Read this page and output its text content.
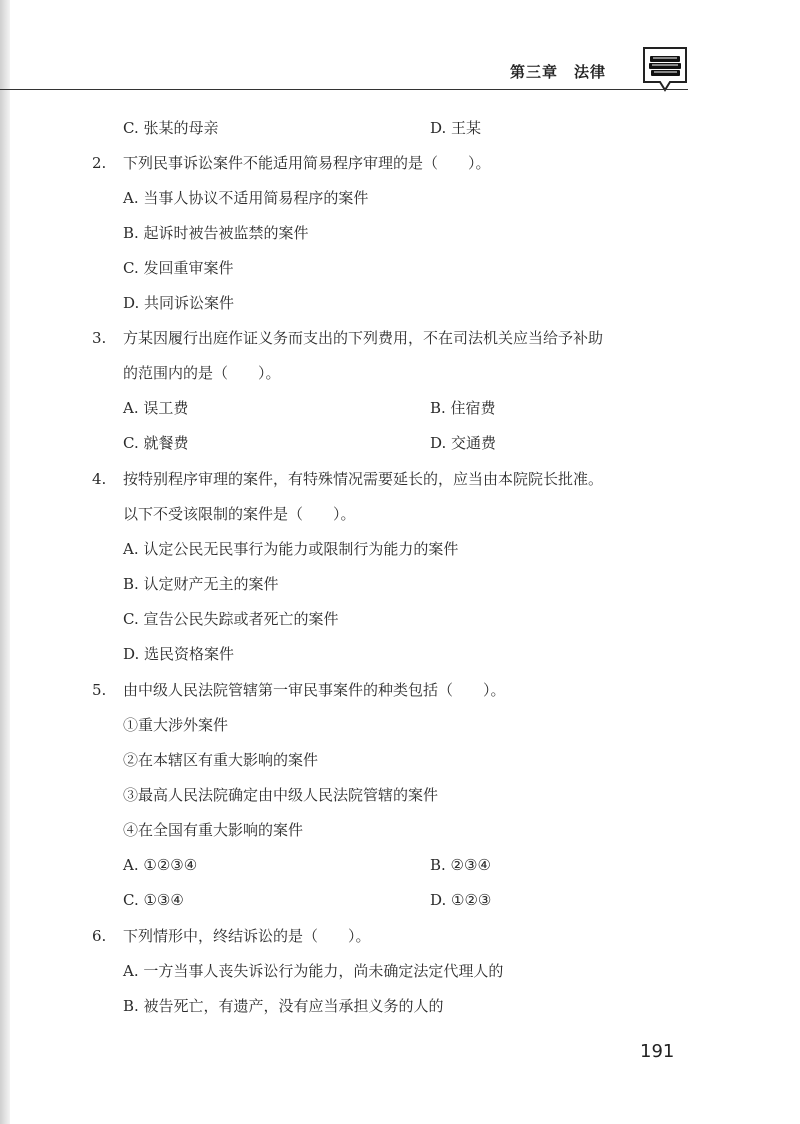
第三章　法律
C. 张某的母亲	D. 王某
2. 下列民事诉讼案件不能适用简易程序审理的是（　　）。
A. 当事人协议不适用简易程序的案件
B. 起诉时被告被监禁的案件
C. 发回重审案件
D. 共同诉讼案件
3. 方某因履行出庭作证义务而支出的下列费用，不在司法机关应当给予补助
的范围内的是（　　）。
A. 误工费	B. 住宿费
C. 就餐费	D. 交通费
4. 按特别程序审理的案件，有特殊情况需要延长的，应当由本院院长批准。
以下不受该限制的案件是（　　）。
A. 认定公民无民事行为能力或限制行为能力的案件
B. 认定财产无主的案件
C. 宣告公民失踪或者死亡的案件
D. 选民资格案件
5. 由中级人民法院管辖第一审民事案件的种类包括（　　）。
①重大涉外案件
②在本辖区有重大影响的案件
③最高人民法院确定由中级人民法院管辖的案件
④在全国有重大影响的案件
A. ①②③④	B. ②③④
C. ①③④	D. ①②③
6. 下列情形中，终结诉讼的是（　　）。
A. 一方当事人丧失诉讼行为能力，尚未确定法定代理人的
B. 被告死亡，有遗产，没有应当承担义务的人的
191
